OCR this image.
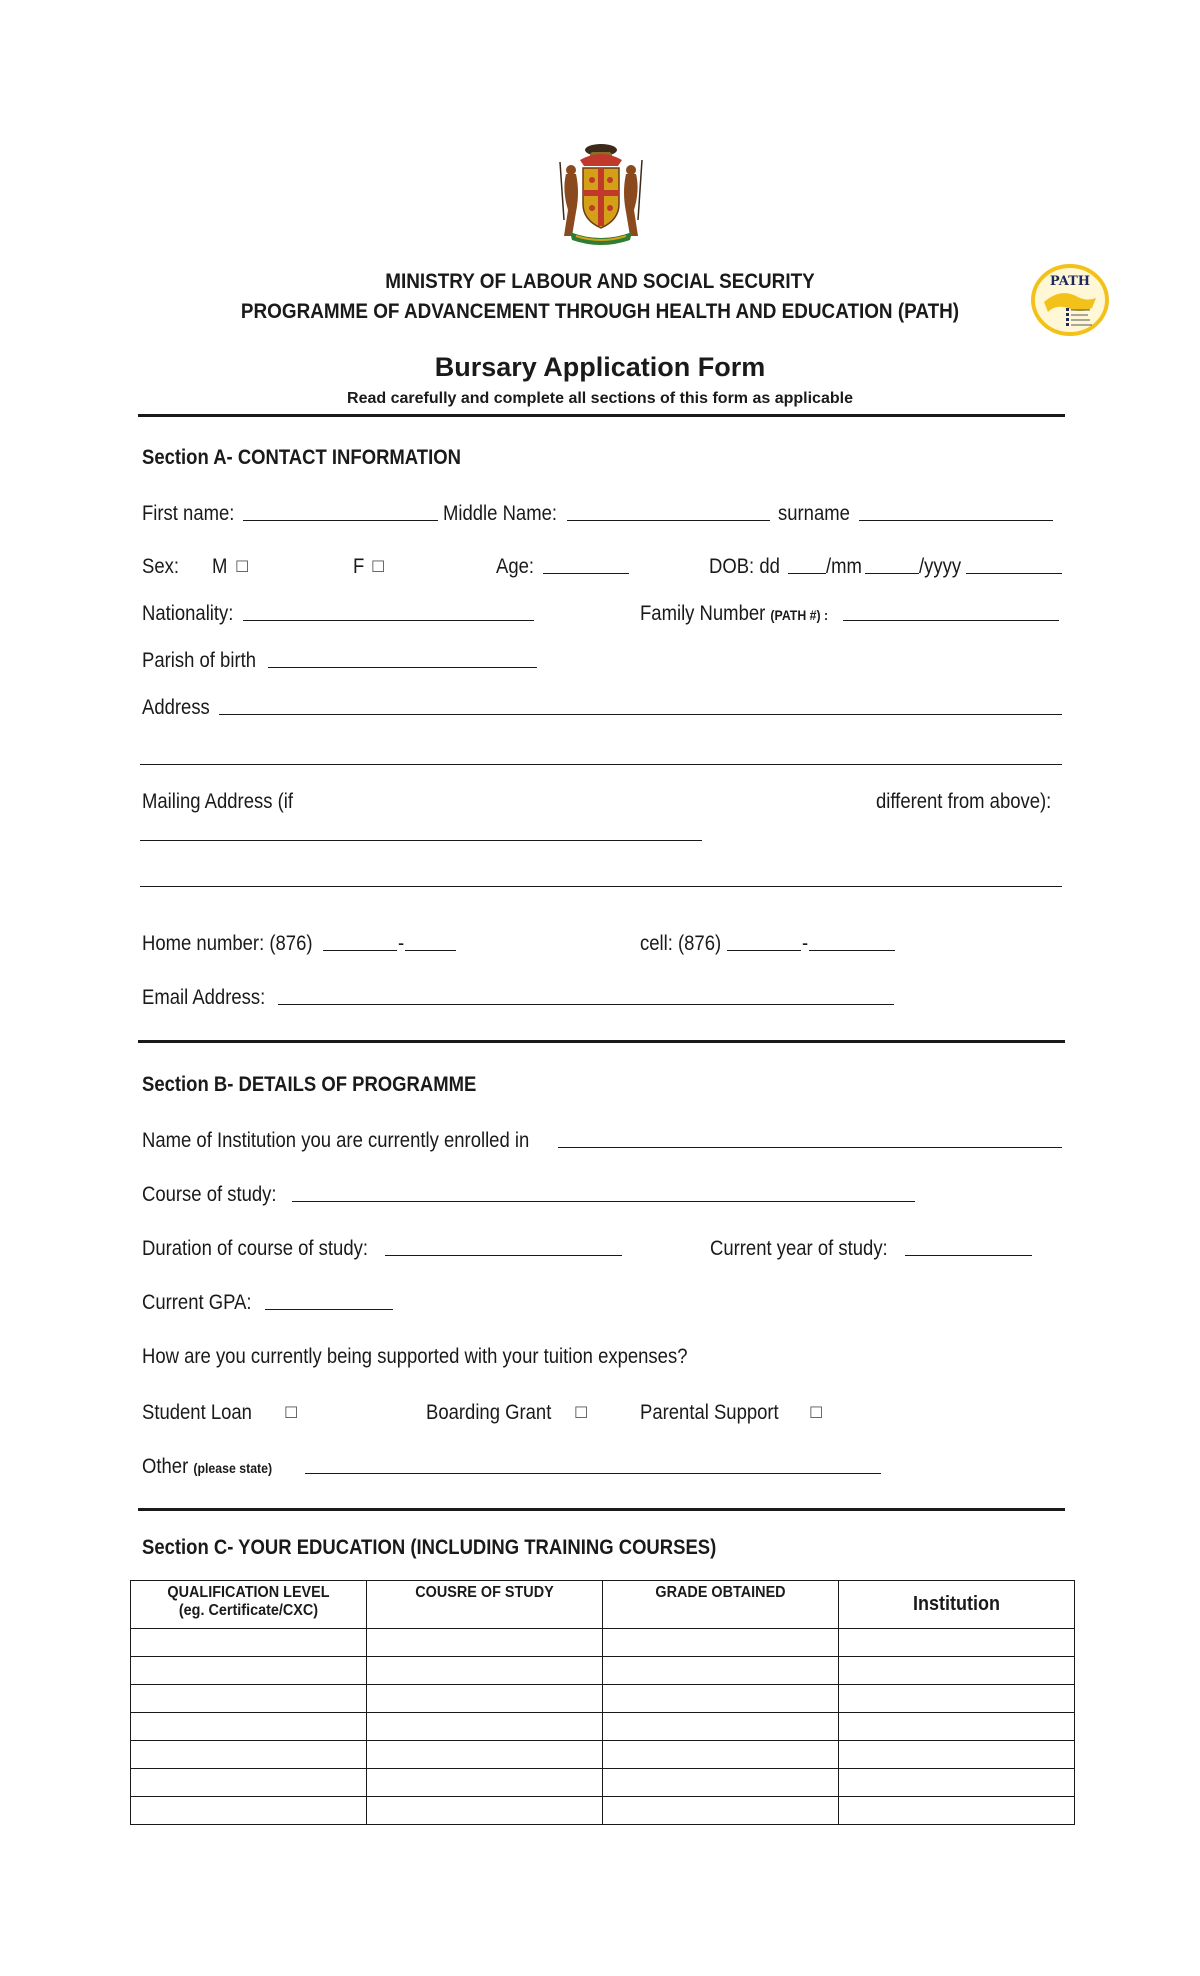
MINISTRY OF LABOUR AND SOCIAL SECURITY
PROGRAMME OF ADVANCEMENT THROUGH HEALTH AND EDUCATION (PATH)
PATH
Bursary Application Form
Read carefully and complete all sections of this form as applicable
Section A- CONTACT INFORMATION
First name:	Middle Name:	surname
Sex: M ☐	F ☐	Age:	DOB: dd /mm	/yyyy
Nationality:	Family Number (PATH #) :
Parish of birth
Address
Mailing Address (if	different from above):
Home number: (876)	-	cell: (876)	-
Email Address:
Section B- DETAILS OF PROGRAMME
Name of Institution you are currently enrolled in
Course of study:
Duration of course of study:	Current year of study:
Current GPA:
How are you currently being supported with your tuition expenses?
Student Loan ☐	Boarding Grant ☐ Parental Support ☐
Other (please state)
Section C- YOUR EDUCATION (INCLUDING TRAINING COURSES)
QUALIFICATION LEVEL
(eg. Certificate/CXC)	COUSRE OF STUDY	GRADE OBTAINED	Institution
